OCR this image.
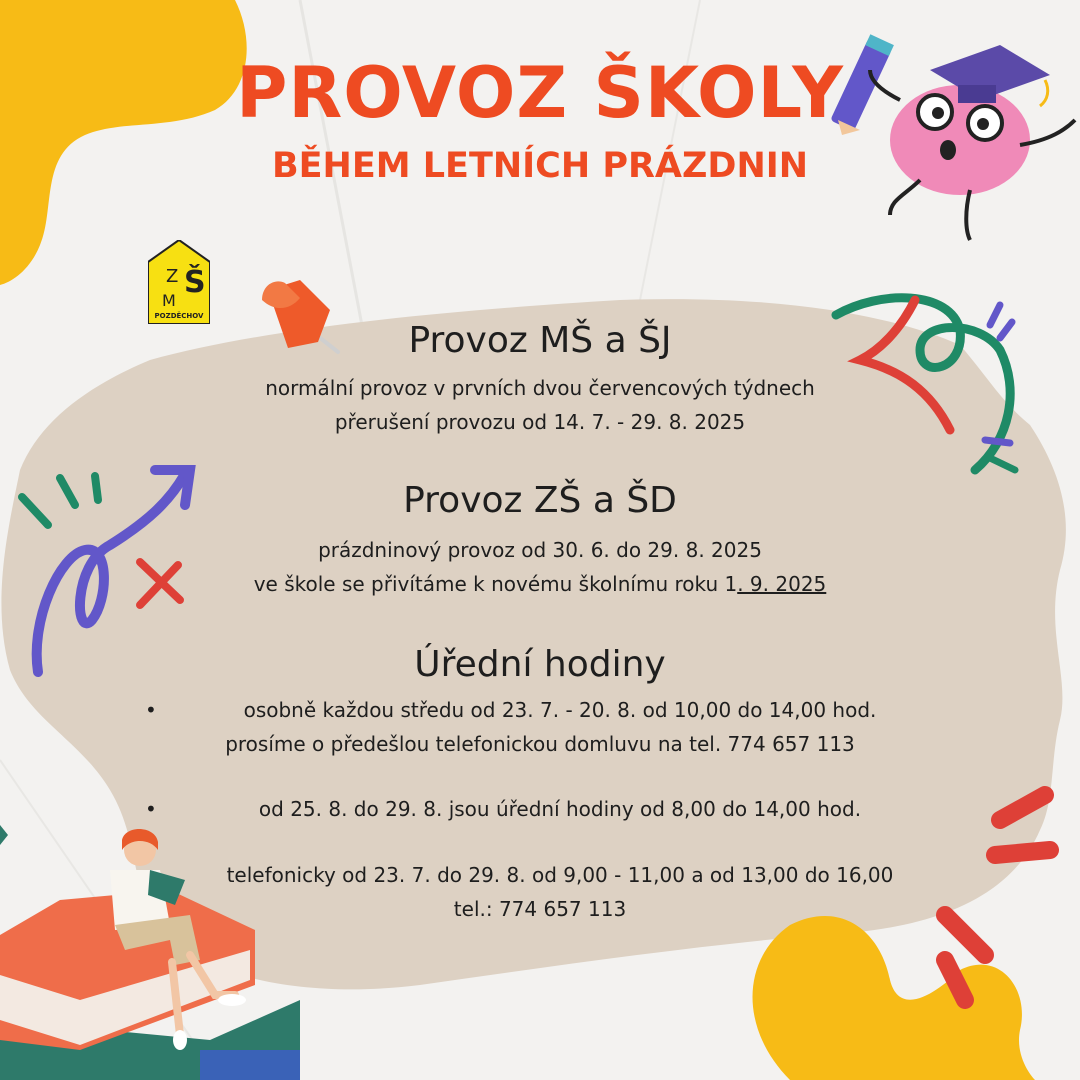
Z Š
M
POZDĚCHOV
PROVOZ ŠKOLY
BĚHEM LETNÍCH PRÁZDNIN
Provoz MŠ a ŠJ

normální provoz v prvních dvou červencových týdnech

přerušení provozu od 14. 7. - 29. 8. 2025

Provoz ZŠ a ŠD

prázdninový provoz od 30. 6. do 29. 8. 2025

ve škole se přivítáme k novému školnímu roku 1. 9. 2025

Úřední hodiny
•	osobně každou středu od 23. 7. - 20. 8. od 10,00 do 14,00 hod.

prosíme o předešlou telefonickou domluvu na tel. 774 657 113

•	od 25. 8. do 29. 8. jsou úřední hodiny od 8,00 do 14,00 hod.

telefonicky od 23. 7. do 29. 8. od 9,00 - 11,00 a od 13,00 do 16,00

tel.: 774 657 113
